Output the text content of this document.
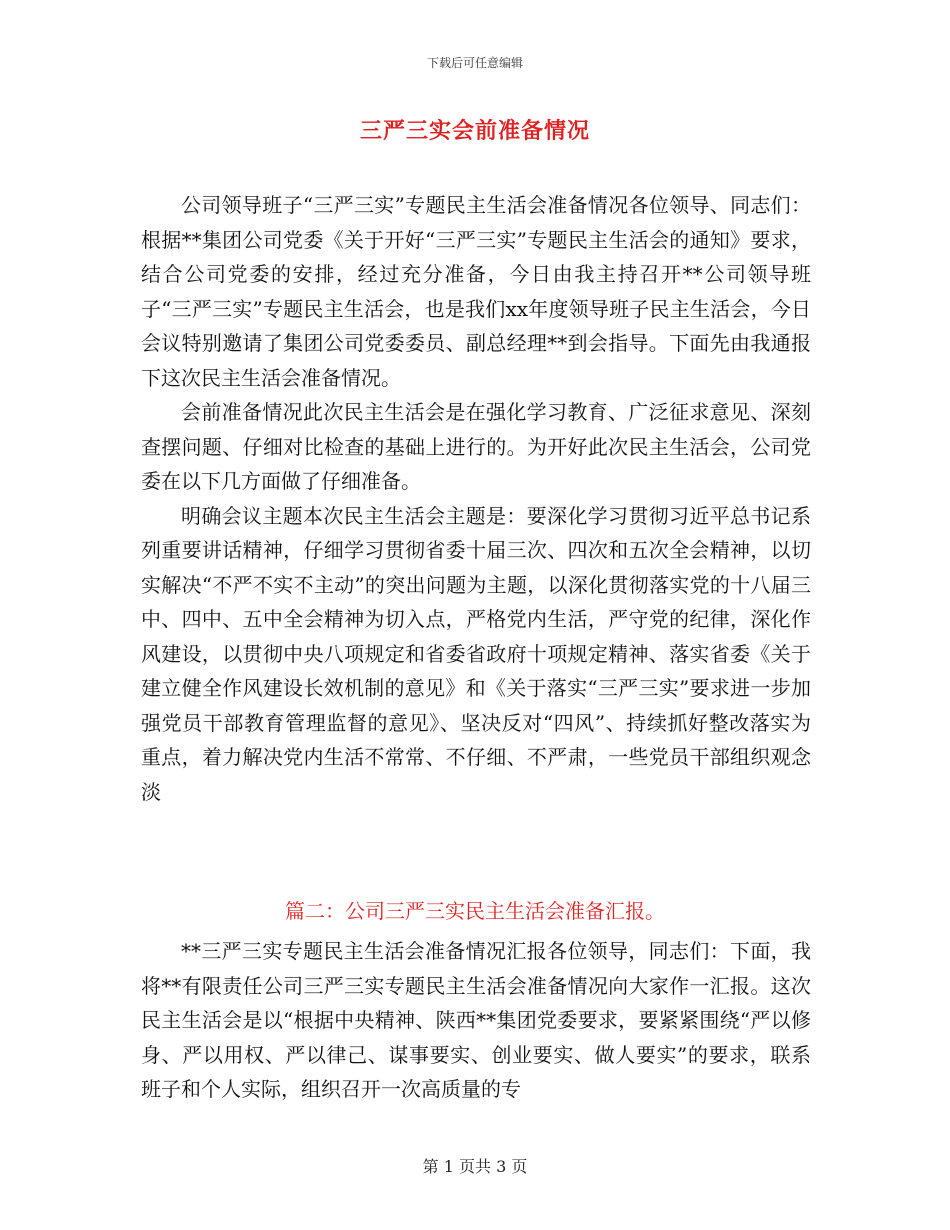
下载后可任意编辑
三严三实会前准备情况

公司领导班子“三严三实”专题民主生活会准备情况各位领导、同志们：根据**集团公司党委《关于开好“三严三实”专题民主生活会的通知》要求，结合公司党委的安排，经过充分准备，今日由我主持召开**公司领导班子“三严三实”专题民主生活会，也是我们xx年度领导班子民主生活会，今日会议特别邀请了集团公司党委委员、副总经理**到会指导。下面先由我通报下这次民主生活会准备情况。

会前准备情况此次民主生活会是在强化学习教育、广泛征求意见、深刻查摆问题、仔细对比检查的基础上进行的。为开好此次民主生活会，公司党委在以下几方面做了仔细准备。

明确会议主题本次民主生活会主题是：要深化学习贯彻习近平总书记系列重要讲话精神，仔细学习贯彻省委十届三次、四次和五次全会精神，以切实解决“不严不实不主动”的突出问题为主题，以深化贯彻落实党的十八届三中、四中、五中全会精神为切入点，严格党内生活，严守党的纪律，深化作风建设，以贯彻中央八项规定和省委省政府十项规定精神、落实省委《关于建立健全作风建设长效机制的意见》和《关于落实“三严三实”要求进一步加强党员干部教育管理监督的意见》、坚决反对“四风”、持续抓好整改落实为重点，着力解决党内生活不常常、不仔细、不严肃，一些党员干部组织观念淡

篇二：公司三严三实民主生活会准备汇报。

**三严三实专题民主生活会准备情况汇报各位领导，同志们：下面，我将**有限责任公司三严三实专题民主生活会准备情况向大家作一汇报。这次民主生活会是以“根据中央精神、陕西**集团党委要求，要紧紧围绕“严以修身、严以用权、严以律己、谋事要实、创业要实、做人要实”的要求，联系班子和个人实际，组织召开一次高质量的专

第 1 页共 3 页
